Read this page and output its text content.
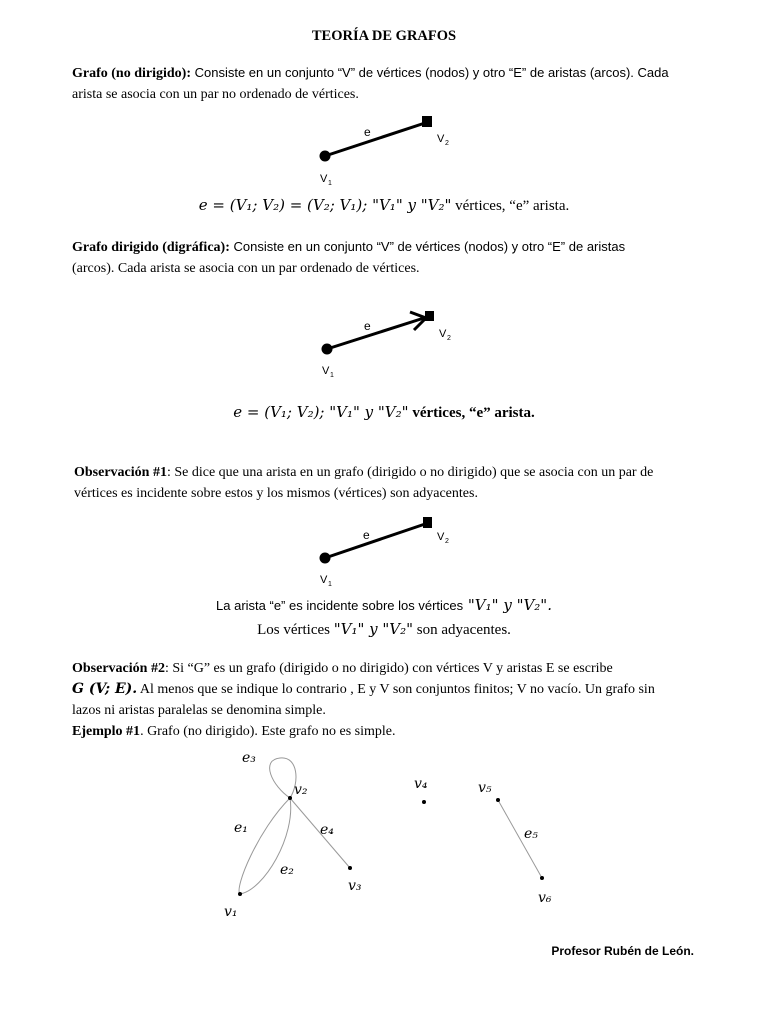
TEORÍA DE GRAFOS
Grafo (no dirigido): Consiste en un conjunto “V” de vértices (nodos) y otro “E” de aristas (arcos). Cada
arista se asocia con un par no ordenado de vértices.
e	V 2
V 1
e = (V₁; V₂) = (V₂; V₁); "V₁" y "V₂" vértices, “e” arista.
Grafo dirigido (digráfica): Consiste en un conjunto “V” de vértices (nodos) y otro “E” de aristas
(arcos). Cada arista se asocia con un par ordenado de vértices.
e
V 2
V 1
e = (V₁; V₂); "V₁" y "V₂" vértices, “e” arista.
Observación #1: Se dice que una arista en un grafo (dirigido o no dirigido) que se asocia con un par de
vértices es incidente sobre estos y los mismos (vértices) son adyacentes.
e	V 2
V 1
La arista “e” es incidente sobre los vértices "V₁" y "V₂".
Los vértices "V₁" y "V₂" son adyacentes.
Observación #2: Si “G” es un grafo (dirigido o no dirigido) con vértices V y aristas E se escribe
G (V; E). Al menos que se indique lo contrario , E y V son conjuntos finitos; V no vacío. Un grafo sin
lazos ni aristas paralelas se denomina simple.
Ejemplo #1. Grafo (no dirigido). Este grafo no es simple.
e₃
v₂
e₁	e₄
e₂
v₃
v₁
v₄	v₅
e₅
v₆
Profesor Rubén de León.
